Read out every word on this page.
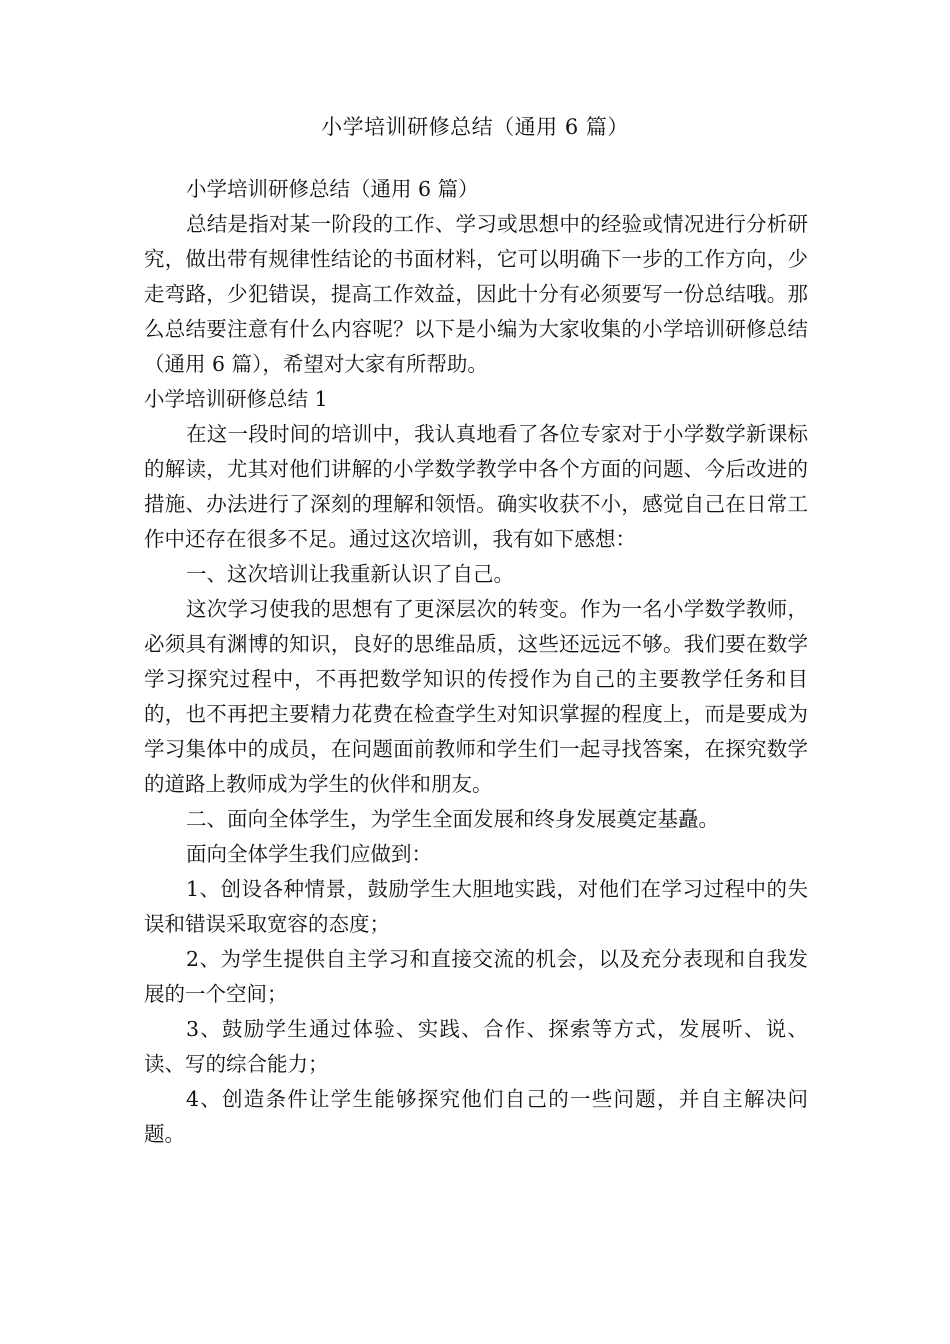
小学培训研修总结（通用 6 篇）

小学培训研修总结（通用 6 篇）

总结是指对某一阶段的工作、学习或思想中的经验或情况进行分析研究，做出带有规律性结论的书面材料，它可以明确下一步的工作方向，少走弯路，少犯错误，提高工作效益，因此十分有必须要写一份总结哦。那么总结要注意有什么内容呢？以下是小编为大家收集的小学培训研修总结（通用 6 篇），希望对大家有所帮助。

小学培训研修总结 1

在这一段时间的培训中，我认真地看了各位专家对于小学数学新课标的解读，尤其对他们讲解的小学数学教学中各个方面的问题、今后改进的措施、办法进行了深刻的理解和领悟。确实收获不小，感觉自己在日常工作中还存在很多不足。通过这次培训，我有如下感想：

一、这次培训让我重新认识了自己。

这次学习使我的思想有了更深层次的转变。作为一名小学数学教师，必须具有渊博的知识，良好的思维品质，这些还远远不够。我们要在数学学习探究过程中，不再把数学知识的传授作为自己的主要教学任务和目的，也不再把主要精力花费在检查学生对知识掌握的程度上，而是要成为学习集体中的成员，在问题面前教师和学生们一起寻找答案，在探究数学的道路上教师成为学生的伙伴和朋友。

二、面向全体学生，为学生全面发展和终身发展奠定基矗。

面向全体学生我们应做到：

1、创设各种情景，鼓励学生大胆地实践，对他们在学习过程中的失误和错误采取宽容的态度；

2、为学生提供自主学习和直接交流的机会，以及充分表现和自我发展的一个空间；

3、鼓励学生通过体验、实践、合作、探索等方式，发展听、说、读、写的综合能力；

4、创造条件让学生能够探究他们自己的一些问题，并自主解决问题。
